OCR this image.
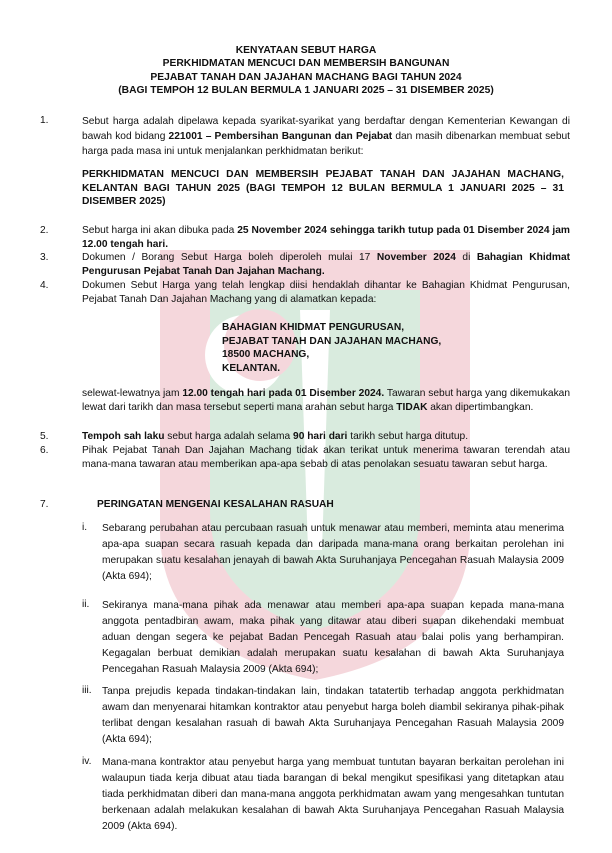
KENYATAAN SEBUT HARGA
PERKHIDMATAN MENCUCI DAN MEMBERSIH BANGUNAN
PEJABAT TANAH DAN JAJAHAN MACHANG BAGI TAHUN 2024
(BAGI TEMPOH 12 BULAN BERMULA 1 JANUARI 2025 – 31 DISEMBER 2025)
1.	Sebut harga adalah dipelawa kepada syarikat-syarikat yang berdaftar dengan Kementerian Kewangan di bawah kod bidang 221001 – Pembersihan Bangunan dan Pejabat dan masih dibenarkan membuat sebut harga pada masa ini untuk menjalankan perkhidmatan berikut:
PERKHIDMATAN MENCUCI DAN MEMBERSIH PEJABAT TANAH DAN JAJAHAN MACHANG, KELANTAN BAGI TAHUN 2025 (BAGI TEMPOH 12 BULAN BERMULA 1 JANUARI 2025 – 31 DISEMBER 2025)
2.	Sebut harga ini akan dibuka pada 25 November 2024 sehingga tarikh tutup pada 01 Disember 2024 jam 12.00 tengah hari.
3.	Dokumen / Borang Sebut Harga boleh diperoleh mulai 17 November 2024 di Bahagian Khidmat Pengurusan Pejabat Tanah Dan Jajahan Machang.
4.	Dokumen Sebut Harga yang telah lengkap diisi hendaklah dihantar ke Bahagian Khidmat Pengurusan, Pejabat Tanah Dan Jajahan Machang yang di alamatkan kepada:
BAHAGIAN KHIDMAT PENGURUSAN,
PEJABAT TANAH DAN JAJAHAN MACHANG,
18500 MACHANG,
KELANTAN.
selewat-lewatnya jam 12.00 tengah hari pada 01 Disember 2024. Tawaran sebut harga yang dikemukakan lewat dari tarikh dan masa tersebut seperti mana arahan sebut harga TIDAK akan dipertimbangkan.
5.	Tempoh sah laku sebut harga adalah selama 90 hari dari tarikh sebut harga ditutup.
6.	Pihak Pejabat Tanah Dan Jajahan Machang tidak akan terikat untuk menerima tawaran terendah atau mana-mana tawaran atau memberikan apa-apa sebab di atas penolakan sesuatu tawaran sebut harga.
7.	PERINGATAN MENGENAI KESALAHAN RASUAH
i. Sebarang perubahan atau percubaan rasuah untuk menawar atau memberi, meminta atau menerima apa-apa suapan secara rasuah kepada dan daripada mana-mana orang berkaitan perolehan ini merupakan suatu kesalahan jenayah di bawah Akta Suruhanjaya Pencegahan Rasuah Malaysia 2009 (Akta 694);
ii. Sekiranya mana-mana pihak ada menawar atau memberi apa-apa suapan kepada mana-mana anggota pentadbiran awam, maka pihak yang ditawar atau diberi suapan dikehendaki membuat aduan dengan segera ke pejabat Badan Pencegah Rasuah atau balai polis yang berhampiran. Kegagalan berbuat demikian adalah merupakan suatu kesalahan di bawah Akta Suruhanjaya Pencegahan Rasuah Malaysia 2009 (Akta 694);
iii. Tanpa prejudis kepada tindakan-tindakan lain, tindakan tatatertib terhadap anggota perkhidmatan awam dan menyenarai hitamkan kontraktor atau penyebut harga boleh diambil sekiranya pihak-pihak terlibat dengan kesalahan rasuah di bawah Akta Suruhanjaya Pencegahan Rasuah Malaysia 2009 (Akta 694);
iv. Mana-mana kontraktor atau penyebut harga yang membuat tuntutan bayaran berkaitan perolehan ini walaupun tiada kerja dibuat atau tiada barangan di bekal mengikut spesifikasi yang ditetapkan atau tiada perkhidmatan diberi dan mana-mana anggota perkhidmatan awam yang mengesahkan tuntutan berkenaan adalah melakukan kesalahan di bawah Akta Suruhanjaya Pencegahan Rasuah Malaysia 2009 (Akta 694).
